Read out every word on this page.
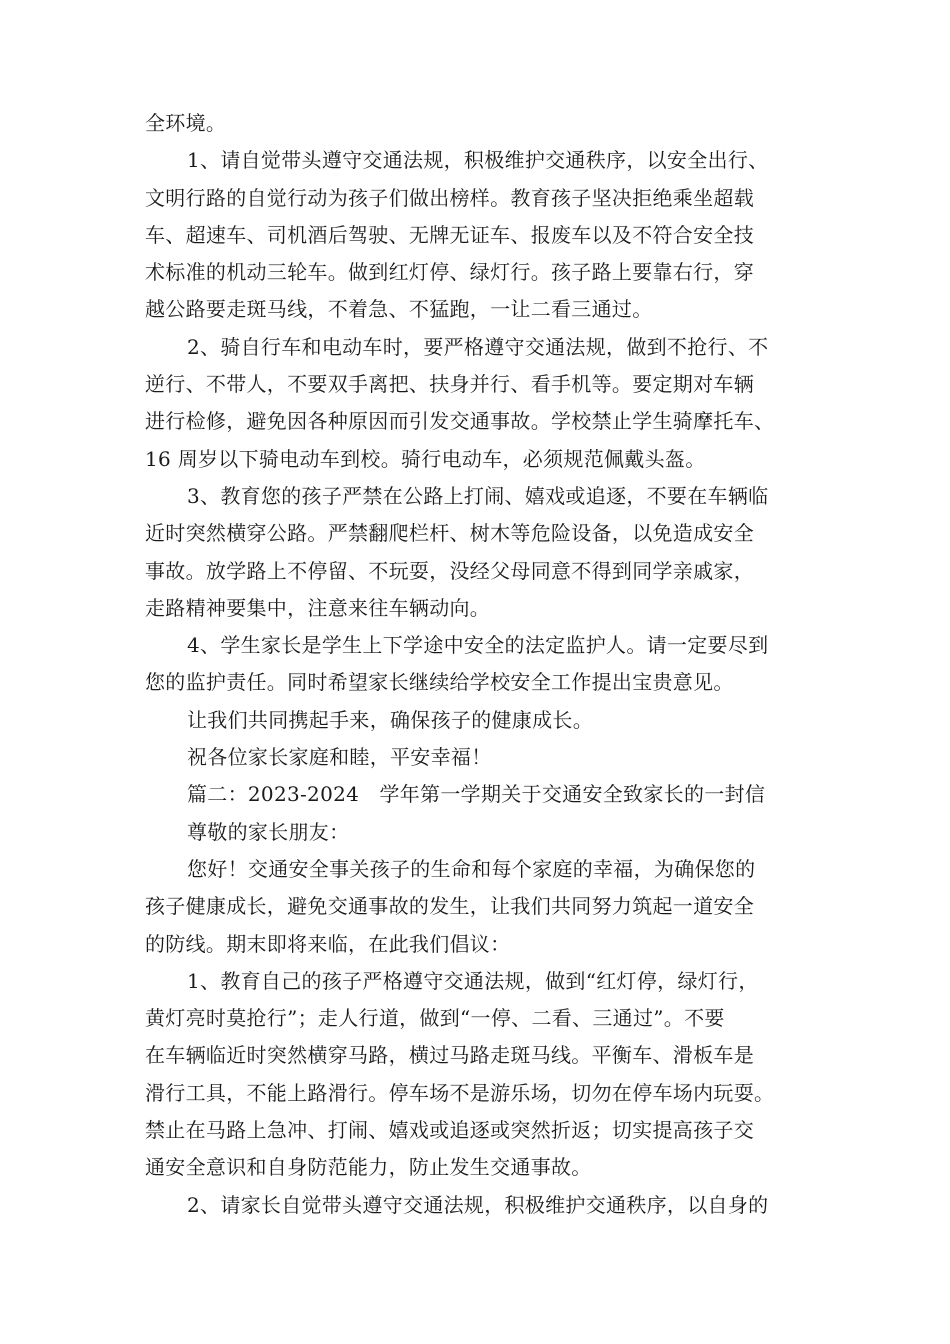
全环境。
1、请自觉带头遵守交通法规，积极维护交通秩序，以安全出行、
文明行路的自觉行动为孩子们做出榜样。教育孩子坚决拒绝乘坐超载
车、超速车、司机酒后驾驶、无牌无证车、报废车以及不符合安全技
术标准的机动三轮车。做到红灯停、绿灯行。孩子路上要靠右行，穿
越公路要走斑马线，不着急、不猛跑，一让二看三通过。
2、骑自行车和电动车时，要严格遵守交通法规，做到不抢行、不
逆行、不带人，不要双手离把、扶身并行、看手机等。要定期对车辆
进行检修，避免因各种原因而引发交通事故。学校禁止学生骑摩托车、
16 周岁以下骑电动车到校。骑行电动车，必须规范佩戴头盔。
3、教育您的孩子严禁在公路上打闹、嬉戏或追逐，不要在车辆临
近时突然横穿公路。严禁翻爬栏杆、树木等危险设备，以免造成安全
事故。放学路上不停留、不玩耍，没经父母同意不得到同学亲戚家，
走路精神要集中，注意来往车辆动向。
4、学生家长是学生上下学途中安全的法定监护人。请一定要尽到
您的监护责任。同时希望家长继续给学校安全工作提出宝贵意见。
让我们共同携起手来，确保孩子的健康成长。
祝各位家长家庭和睦，平安幸福！
篇二：2023-2024　学年第一学期关于交通安全致家长的一封信
尊敬的家长朋友：
您好！交通安全事关孩子的生命和每个家庭的幸福，为确保您的
孩子健康成长，避免交通事故的发生，让我们共同努力筑起一道安全
的防线。期末即将来临，在此我们倡议：
1、教育自己的孩子严格遵守交通法规，做到“红灯停，绿灯行，
黄灯亮时莫抢行”；走人行道，做到“一停、二看、三通过”。不要
在车辆临近时突然横穿马路，横过马路走斑马线。平衡车、滑板车是
滑行工具，不能上路滑行。停车场不是游乐场，切勿在停车场内玩耍。
禁止在马路上急冲、打闹、嬉戏或追逐或突然折返；切实提高孩子交
通安全意识和自身防范能力，防止发生交通事故。
2、请家长自觉带头遵守交通法规，积极维护交通秩序，以自身的
